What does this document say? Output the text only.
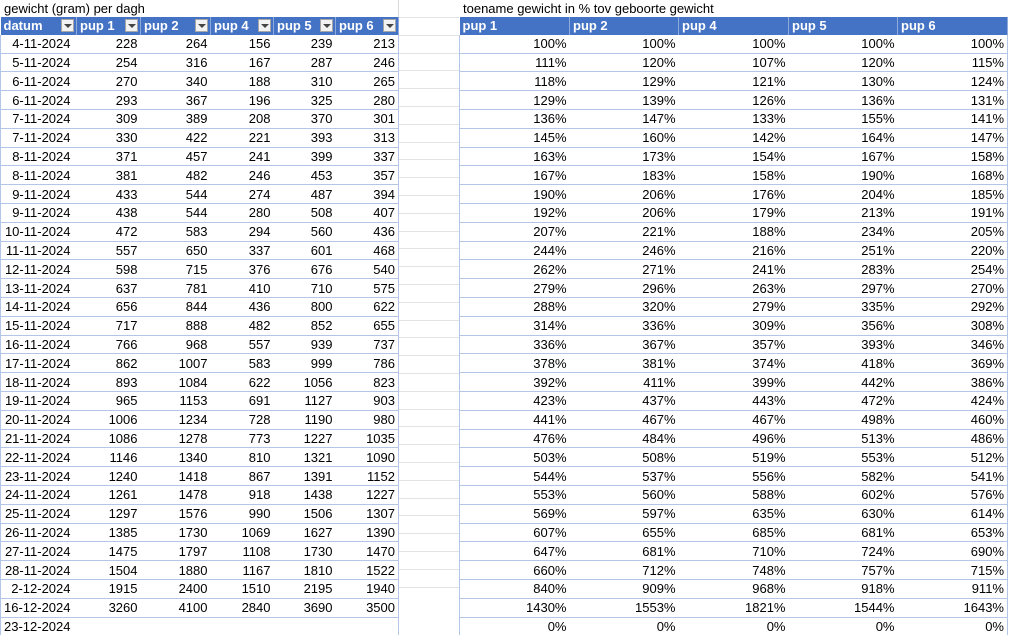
gewicht (gram) per dagh	toename gewicht in % tov geboorte gewicht
datum	pup 1	pup 2	pup 4	pup 5	pup 6

4-11-2024	228	264	156	239	213
5-11-2024	254	316	167	287	246
6-11-2024	270	340	188	310	265
6-11-2024	293	367	196	325	280
7-11-2024	309	389	208	370	301
7-11-2024	330	422	221	393	313
8-11-2024	371	457	241	399	337
8-11-2024	381	482	246	453	357
9-11-2024	433	544	274	487	394
9-11-2024	438	544	280	508	407
10-11-2024	472	583	294	560	436
11-11-2024	557	650	337	601	468
12-11-2024	598	715	376	676	540
13-11-2024	637	781	410	710	575
14-11-2024	656	844	436	800	622
15-11-2024	717	888	482	852	655
16-11-2024	766	968	557	939	737
17-11-2024	862	1007	583	999	786
18-11-2024	893	1084	622	1056	823
19-11-2024	965	1153	691	1127	903
20-11-2024	1006	1234	728	1190	980
21-11-2024	1086	1278	773	1227	1035
22-11-2024	1146	1340	810	1321	1090
23-11-2024	1240	1418	867	1391	1152
24-11-2024	1261	1478	918	1438	1227
25-11-2024	1297	1576	990	1506	1307
26-11-2024	1385	1730	1069	1627	1390
27-11-2024	1475	1797	1108	1730	1470
28-11-2024	1504	1880	1167	1810	1522
2-12-2024	1915	2400	1510	2195	1940
16-12-2024	3260	4100	2840	3690	3500
23-12-2024					
pup 1	pup 2	pup 4	pup 5	pup 6
100%	100%	100%	100%	100%
111%	120%	107%	120%	115%
118%	129%	121%	130%	124%
129%	139%	126%	136%	131%
136%	147%	133%	155%	141%
145%	160%	142%	164%	147%
163%	173%	154%	167%	158%
167%	183%	158%	190%	168%
190%	206%	176%	204%	185%
192%	206%	179%	213%	191%
207%	221%	188%	234%	205%
244%	246%	216%	251%	220%
262%	271%	241%	283%	254%
279%	296%	263%	297%	270%
288%	320%	279%	335%	292%
314%	336%	309%	356%	308%
336%	367%	357%	393%	346%
378%	381%	374%	418%	369%
392%	411%	399%	442%	386%
423%	437%	443%	472%	424%
441%	467%	467%	498%	460%
476%	484%	496%	513%	486%
503%	508%	519%	553%	512%
544%	537%	556%	582%	541%
553%	560%	588%	602%	576%
569%	597%	635%	630%	614%
607%	655%	685%	681%	653%
647%	681%	710%	724%	690%
660%	712%	748%	757%	715%
840%	909%	968%	918%	911%
1430%	1553%	1821%	1544%	1643%
0%	0%	0%	0%	0%
